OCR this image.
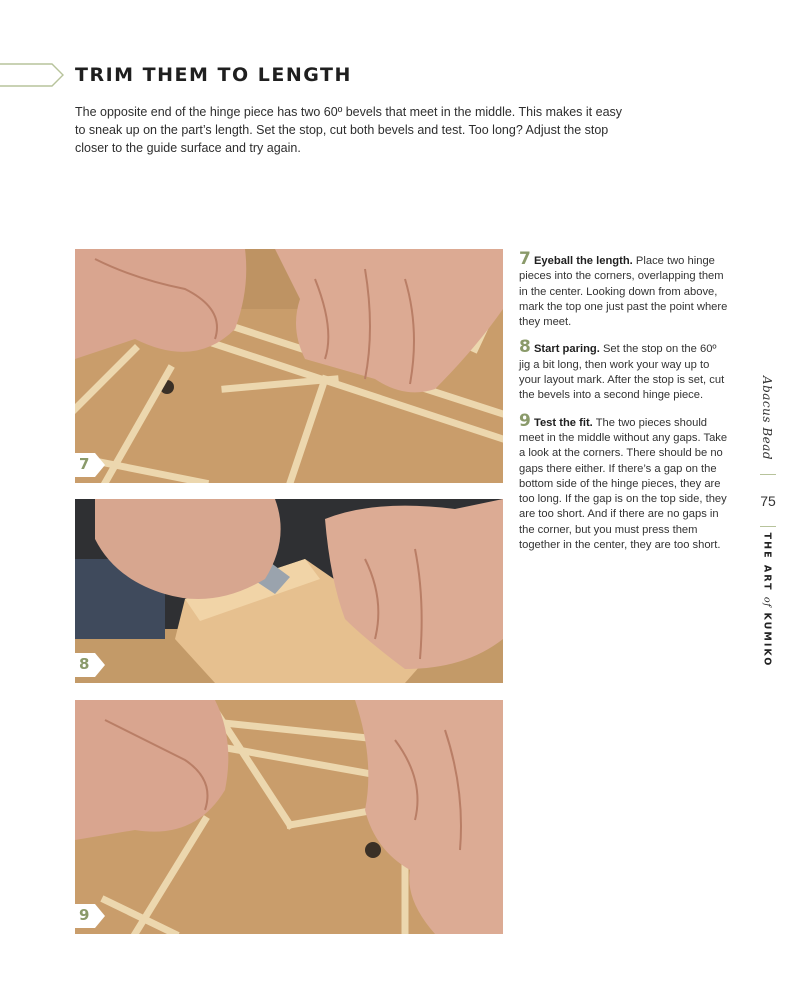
TRIM THEM TO LENGTH

The opposite end of the hinge piece has two 60º bevels that meet in the middle. This makes it easy to sneak up on the part’s length. Set the stop, cut both bevels and test. Too long? Adjust the stop closer to the guide surface and try again.

7
8
9

7 Eyeball the length. Place two hinge pieces into the corners, overlapping them in the center. Looking down from above, mark the top one just past the point where they meet.

8 Start paring. Set the stop on the 60º jig a bit long, then work your way up to your layout mark. After the stop is set, cut the bevels into a second hinge piece.

9 Test the fit. The two pieces should meet in the middle without any gaps. Take a look at the corners. There should be no gaps there either. If there’s a gap on the bottom side of the hinge pieces, they are too long. If the gap is on the top side, they are too short. And if there are no gaps in the corner, but you must press them together in the center, they are too short.

Abacus Bead
75
THE ART of KUMIKO
